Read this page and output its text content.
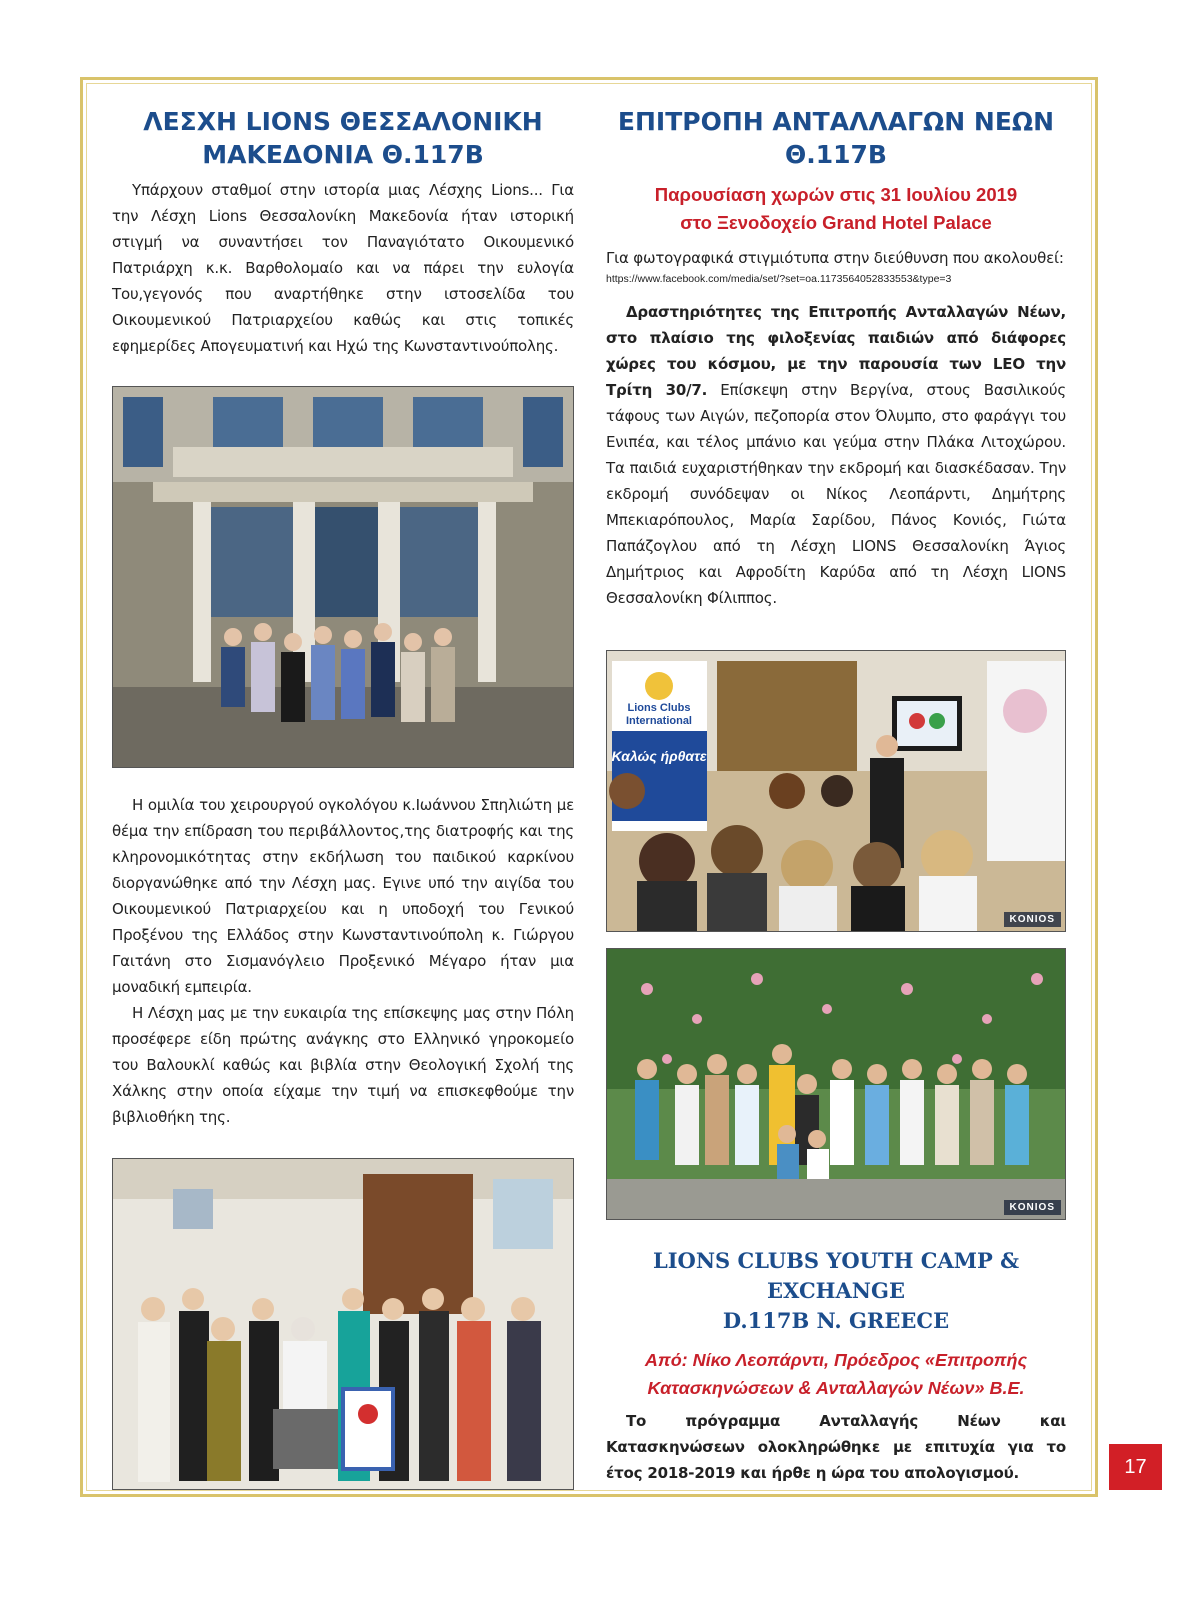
ΛΕΣΧΗ LIONS ΘΕΣΣΑΛΟΝΙΚΗ
ΜΑΚΕΔΟΝΙΑ Θ.117Β

Υπάρχουν σταθμοί στην ιστορία μιας Λέσχης Lions... Για την Λέσχη Lions Θεσσαλονίκη Μακεδονία ήταν ιστορική στιγμή να συναντήσει τον Παναγιότατο Οικουμενικό Πατριάρχη κ.κ. Βαρθολομαίο και να πάρει την ευλογία Του,γεγονός που αναρτήθηκε στην ιστοσελίδα του Οικουμενικού Πατριαρχείου καθώς και στις τοπικές εφημερίδες Απογευματινή και Ηχώ της Κωνσταντινούπολης.

Η ομιλία του χειρουργού ογκολόγου κ.Ιωάννου Σπηλιώτη με θέμα την επίδραση του περιβάλλοντος,της διατροφής και της κληρονομικότητας στην εκδήλωση του παιδικού καρκίνου διοργανώθηκε από την Λέσχη μας. Εγινε υπό την αιγίδα του Οικουμενικού Πατριαρχείου και η υποδοχή του Γενικού Προξένου της Ελλάδος στην Κωνσταντινούπολη κ. Γιώργου Γαιτάνη στο Σισμανόγλειο Προξενικό Μέγαρο ήταν μια μοναδική εμπειρία.

Η Λέσχη μας με την ευκαιρία της επίσκεψης μας στην Πόλη προσέφερε είδη πρώτης ανάγκης στο Ελληνικό γηροκομείο του Βαλουκλί καθώς και βιβλία στην Θεολογική Σχολή της Χάλκης στην οποία είχαμε την τιμή να επισκεφθούμε την βιβλιοθήκη της.

ΕΠΙΤΡΟΠΗ ΑΝΤΑΛΛΑΓΩΝ ΝΕΩΝ
Θ.117Β
Παρουσίαση χωρών στις 31 Ιουλίου 2019
στο Ξενοδοχείο Grand Hotel Palace

Για φωτογραφικά στιγμιότυπα στην διεύθυνση που ακολουθεί:

https://www.facebook.com/media/set/?set=oa.1173564052833553&type=3

Δραστηριότητες της Επιτροπής Ανταλλαγών Νέων, στο πλαίσιο της φιλοξενίας παιδιών από διάφορες χώρες του κόσμου, με την παρουσία των LEO την Τρίτη 30/7. Επίσκεψη στην Βεργίνα, στους Βασιλικούς τάφους των Αιγών, πεζοπορία στον Όλυμπο, στο φαράγγι του Ενιπέα, και τέλος μπάνιο και γεύμα στην Πλάκα Λιτοχώρου. Τα παιδιά ευχαριστήθηκαν την εκδρομή και διασκέδασαν. Την εκδρομή συνόδεψαν οι Νίκος Λεοπάρντι, Δημήτρης Μπεκιαρόπουλος, Μαρία Σαρίδου, Πάνος Κονιός, Γιώτα Παπάζογλου από τη Λέσχη LIONS Θεσσαλονίκη Άγιος Δημήτριος και Αφροδίτη Καρύδα από τη Λέσχη LIONS Θεσσαλονίκη Φίλιππος.

Lions Clubs
International
Καλώς ήρθατε
KONIOS
KONIOS
LIONS CLUBS YOUTH CAMP & EXCHANGE
D.117B N. GREECE
Από: Νίκο Λεοπάρντι, Πρόεδρος «Επιτροπής
Κατασκηνώσεων & Ανταλλαγών Νέων» Β.Ε.

Το πρόγραμμα Ανταλλαγής Νέων και Κατασκηνώσεων ολοκληρώθηκε με επιτυχία για το έτος 2018-2019 και ήρθε η ώρα του απολογισμού.	17
